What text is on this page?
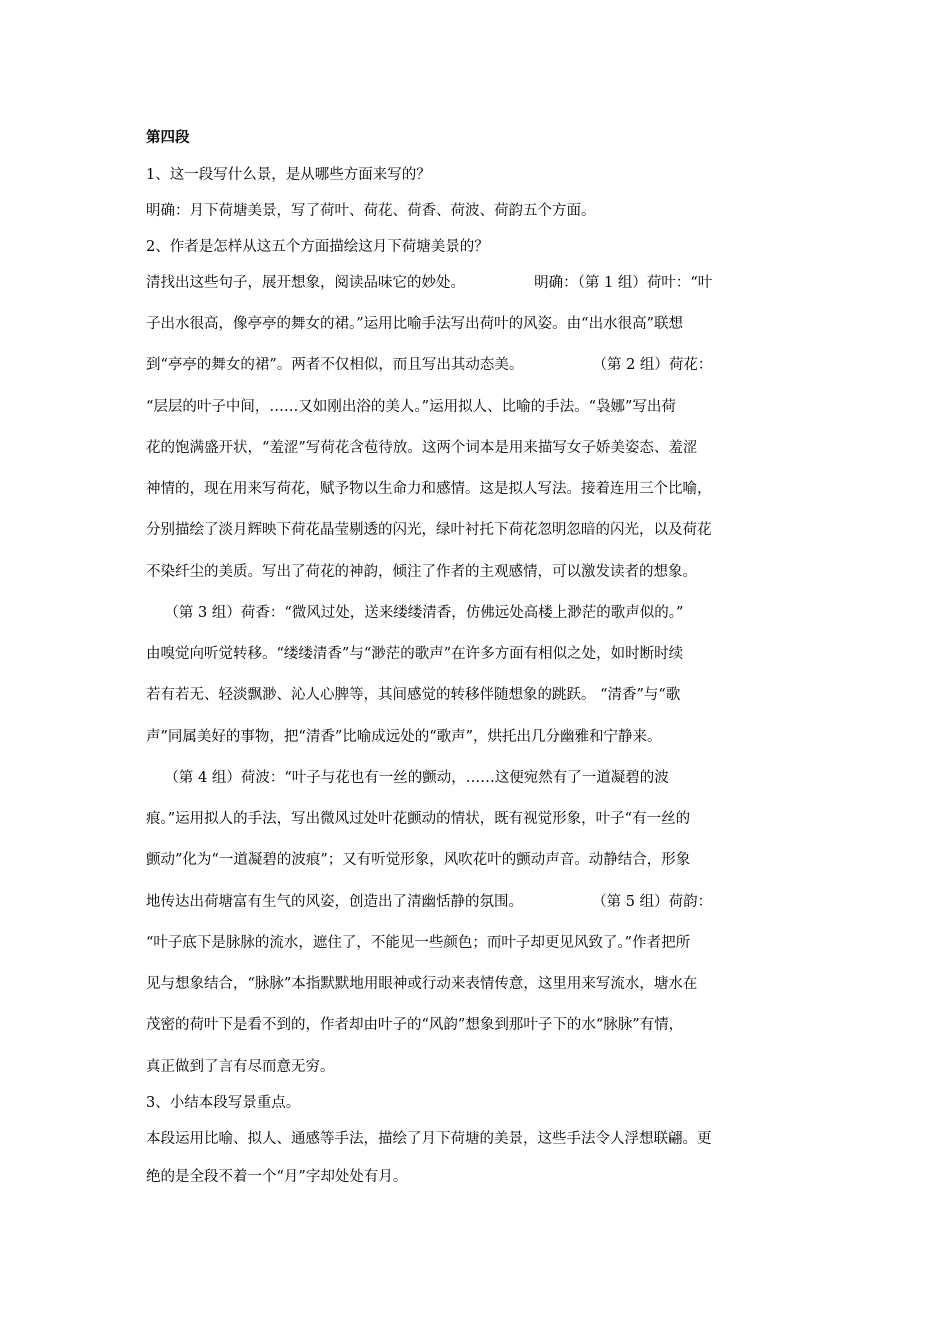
第四段
1、这一段写什么景，是从哪些方面来写的？
明确：月下荷塘美景，写了荷叶、荷花、荷香、荷波、荷韵五个方面。
2、作者是怎样从这五个方面描绘这月下荷塘美景的？
清找出这些句子，展开想象，阅读品味它的妙处。               明确：（第 1 组）荷叶：“叶
子出水很高，像亭亭的舞女的裙。”运用比喻手法写出荷叶的风姿。由“出水很高”联想
到“亭亭的舞女的裙”。两者不仅相似，而且写出其动态美。               （第 2 组）荷花：
“层层的叶子中间，……又如刚出浴的美人。”运用拟人、比喻的手法。“袅娜”写出荷
花的饱满盛开状，“羞涩”写荷花含苞待放。这两个词本是用来描写女子娇美姿态、羞涩
神情的，现在用来写荷花，赋予物以生命力和感情。这是拟人写法。接着连用三个比喻，
分别描绘了淡月辉映下荷花晶莹剔透的闪光，绿叶衬托下荷花忽明忽暗的闪光，以及荷花
不染纤尘的美质。写出了荷花的神韵，倾注了作者的主观感情，可以激发读者的想象。
（第 3 组）荷香：“微风过处，送来缕缕清香，仿佛远处高楼上渺茫的歌声似的。”
由嗅觉向听觉转移。“缕缕清香”与“渺茫的歌声”在许多方面有相似之处，如时断时续
若有若无、轻淡飘渺、沁人心脾等，其间感觉的转移伴随想象的跳跃。 “清香”与“歌
声”同属美好的事物，把“清香”比喻成远处的“歌声”，烘托出几分幽雅和宁静来。
（第 4 组）荷波：“叶子与花也有一丝的颤动，……这便宛然有了一道凝碧的波
痕。”运用拟人的手法，写出微风过处叶花颤动的情状，既有视觉形象，叶子“有一丝的
颤动”化为“一道凝碧的波痕”；又有听觉形象，风吹花叶的颤动声音。动静结合，形象
地传达出荷塘富有生气的风姿，创造出了清幽恬静的氛围。               （第 5 组）荷韵：
“叶子底下是脉脉的流水，遮住了，不能见一些颜色；而叶子却更见风致了。”作者把所
见与想象结合，“脉脉”本指默默地用眼神或行动来表情传意，这里用来写流水，塘水在
茂密的荷叶下是看不到的，作者却由叶子的“风韵”想象到那叶子下的水“脉脉”有情，
真正做到了言有尽而意无穷。
3、小结本段写景重点。
本段运用比喻、拟人、通感等手法，描绘了月下荷塘的美景，这些手法令人浮想联翩。更
绝的是全段不着一个“月”字却处处有月。
